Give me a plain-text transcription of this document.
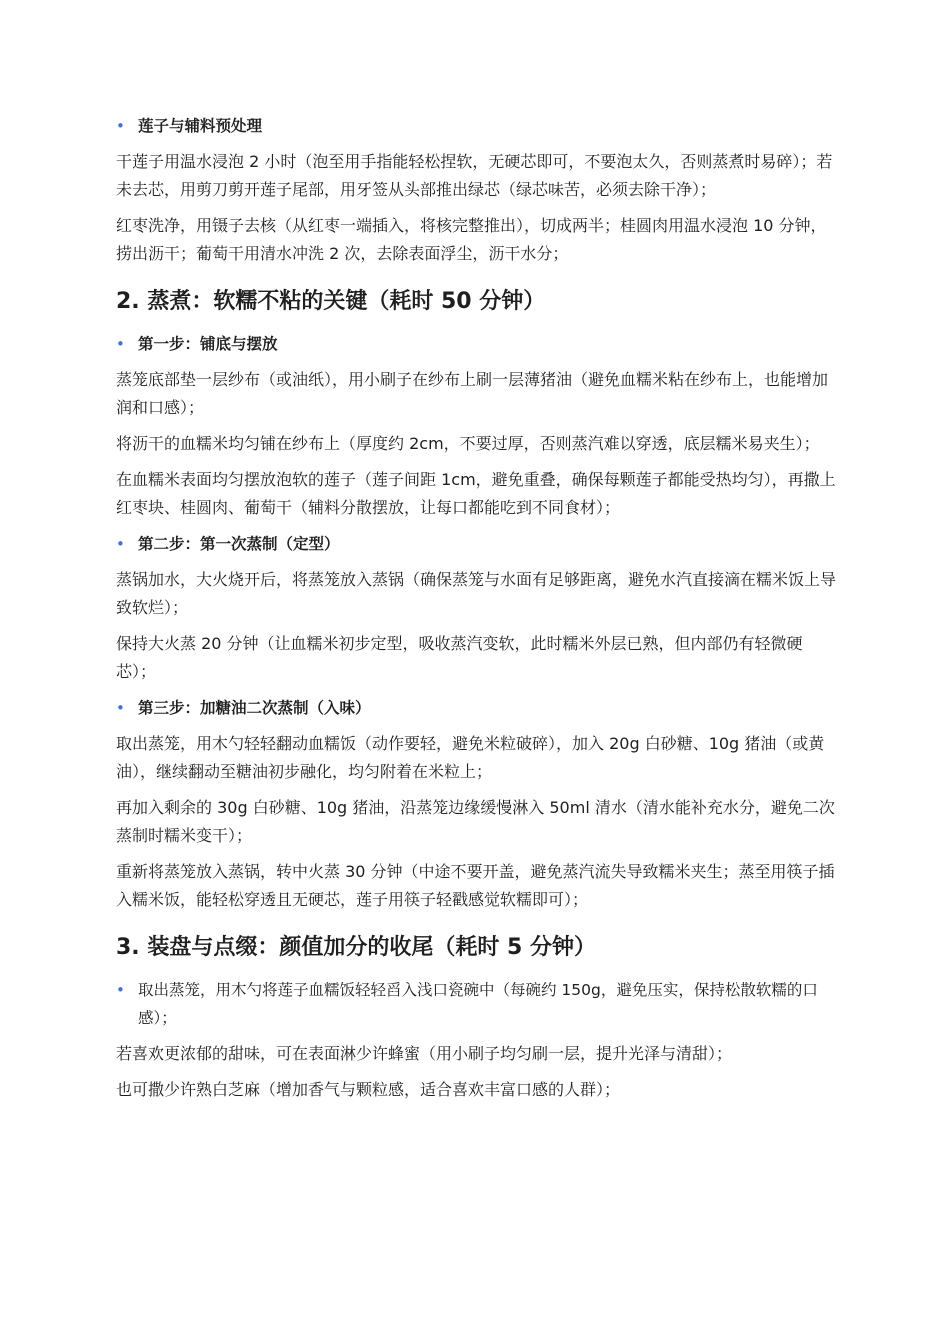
• 莲子与辅料预处理

干莲子用温水浸泡 2 小时（泡至用手指能轻松捏软，无硬芯即可，不要泡太久，否则蒸煮时易碎）；若未去芯，用剪刀剪开莲子尾部，用牙签从头部推出绿芯（绿芯味苦，必须去除干净）；

红枣洗净，用镊子去核（从红枣一端插入，将核完整推出），切成两半；桂圆肉用温水浸泡 10 分钟，捞出沥干；葡萄干用清水冲洗 2 次，去除表面浮尘，沥干水分；

2. 蒸煮：软糯不粘的关键（耗时 50 分钟）
• 第一步：铺底与摆放

蒸笼底部垫一层纱布（或油纸），用小刷子在纱布上刷一层薄猪油（避免血糯米粘在纱布上，也能增加润和口感）；

将沥干的血糯米均匀铺在纱布上（厚度约 2cm，不要过厚，否则蒸汽难以穿透，底层糯米易夹生）；

在血糯米表面均匀摆放泡软的莲子（莲子间距 1cm，避免重叠，确保每颗莲子都能受热均匀），再撒上红枣块、桂圆肉、葡萄干（辅料分散摆放，让每口都能吃到不同食材）；

• 第二步：第一次蒸制（定型）

蒸锅加水，大火烧开后，将蒸笼放入蒸锅（确保蒸笼与水面有足够距离，避免水汽直接滴在糯米饭上导致软烂）；

保持大火蒸 20 分钟（让血糯米初步定型，吸收蒸汽变软，此时糯米外层已熟，但内部仍有轻微硬芯）；

• 第三步：加糖油二次蒸制（入味）

取出蒸笼，用木勺轻轻翻动血糯饭（动作要轻，避免米粒破碎），加入 20g 白砂糖、10g 猪油（或黄油），继续翻动至糖油初步融化，均匀附着在米粒上；

再加入剩余的 30g 白砂糖、10g 猪油，沿蒸笼边缘缓慢淋入 50ml 清水（清水能补充水分，避免二次蒸制时糯米变干）；

重新将蒸笼放入蒸锅，转中火蒸 30 分钟（中途不要开盖，避免蒸汽流失导致糯米夹生；蒸至用筷子插入糯米饭，能轻松穿透且无硬芯，莲子用筷子轻戳感觉软糯即可）；

3. 装盘与点缀：颜值加分的收尾（耗时 5 分钟）
• 取出蒸笼，用木勺将莲子血糯饭轻轻舀入浅口瓷碗中（每碗约 150g，避免压实，保持松散软糯的口感）；

若喜欢更浓郁的甜味，可在表面淋少许蜂蜜（用小刷子均匀刷一层，提升光泽与清甜）；

也可撒少许熟白芝麻（增加香气与颗粒感，适合喜欢丰富口感的人群）；
